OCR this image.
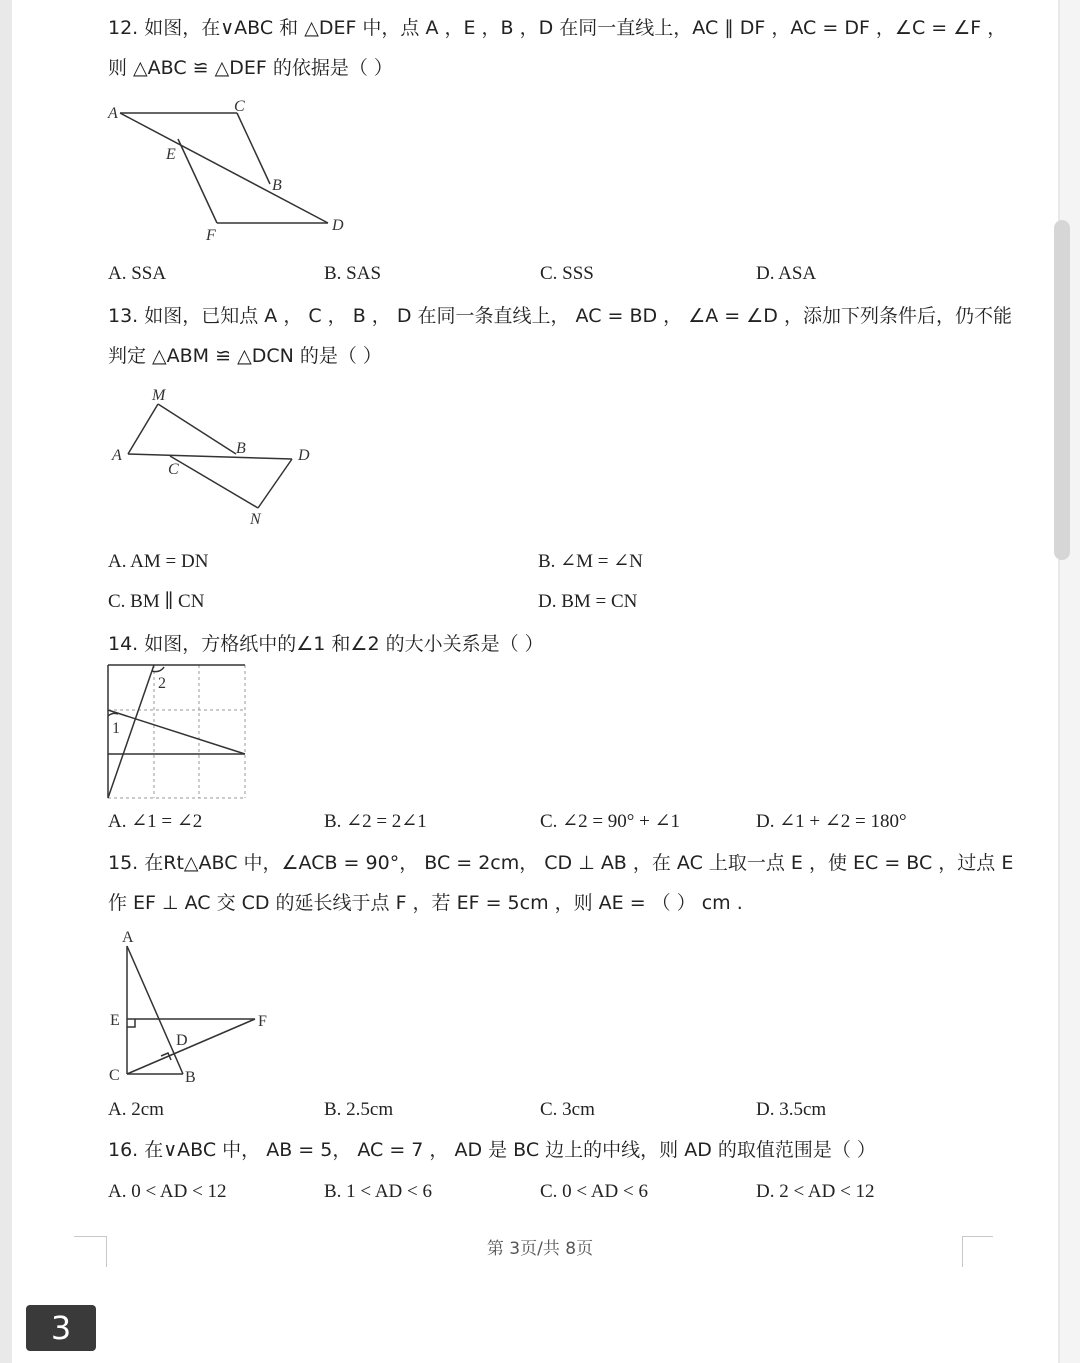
12. 如图，在∨ABC 和 △DEF 中，点 A ，E ，B ，D 在同一直线上，AC ∥ DF ，AC = DF ，∠C = ∠F ，
则 △ABC ≌ △DEF 的依据是（ ）
A	C
E
B
F
D
A. SSA	B. SAS	C. SSS	D. ASA
13. 如图，已知点 A ， C ， B ， D 在同一条直线上， AC = BD ， ∠A = ∠D ，添加下列条件后，仍不能
判定 △ABM ≌ △DCN 的是（ ）
M
A	B	D
C
N
A. AM = DN	B. ∠M = ∠N
C. BM ∥ CN	D. BM = CN
14. 如图，方格纸中的∠1 和∠2 的大小关系是（ ）
1
2
A. ∠1 = ∠2	B. ∠2 = 2∠1	C. ∠2 = 90° + ∠1	D. ∠1 + ∠2 = 180°
15. 在Rt△ABC 中，∠ACB = 90°， BC = 2cm， CD ⊥ AB ，在 AC 上取一点 E ，使 EC = BC ，过点 E
作 EF ⊥ AC 交 CD 的延长线于点 F ，若 EF = 5cm ，则 AE = （ ） cm .
A
E	F
D
C	B
A. 2cm	B. 2.5cm	C. 3cm	D. 3.5cm
16. 在∨ABC 中， AB = 5， AC = 7 ， AD 是 BC 边上的中线，则 AD 的取值范围是（ ）
A. 0 < AD < 12	B. 1 < AD < 6	C. 0 < AD < 6	D. 2 < AD < 12
第 3页/共 8页
3
